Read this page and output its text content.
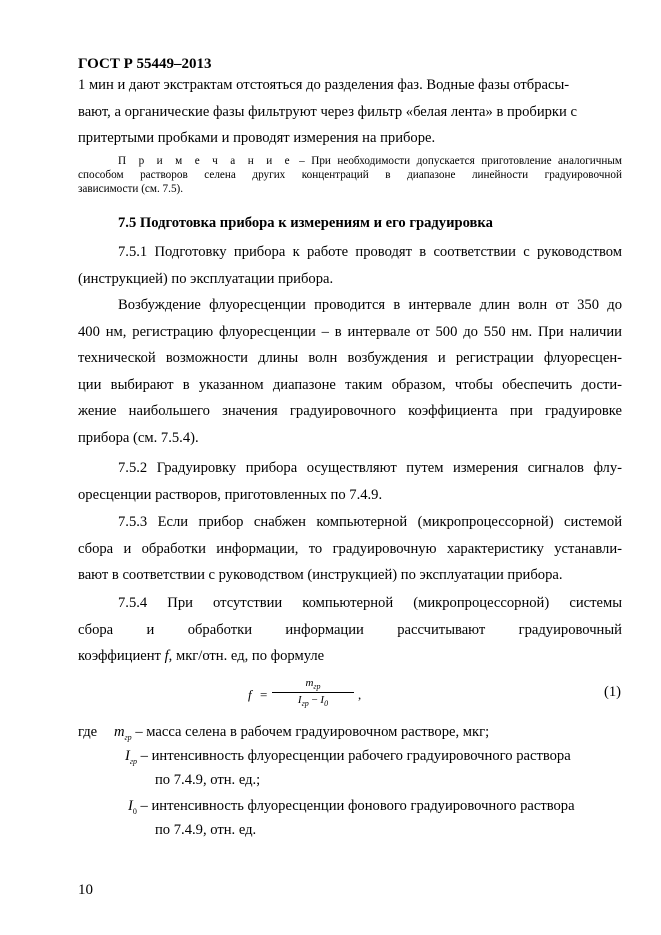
ГОСТ Р 55449–2013
1 мин и дают экстрактам отстояться до разделения фаз. Водные фазы отбрасы-
вают, а органические фазы фильтруют через фильтр «белая лента» в пробирки с
притертыми пробками и проводят измерения на приборе.
П р и м е ч а н и е – При необходимости допускается приготовление аналогичным
способом растворов селена других концентраций в диапазоне линейности градуировочной
зависимости (см. 7.5).
7.5 Подготовка прибора к измерениям и его градуировка
7.5.1 Подготовку прибора к работе проводят в соответствии с руководством
(инструкцией) по эксплуатации прибора.
Возбуждение флуоресценции проводится в интервале длин волн от 350 до
400 нм, регистрацию флуоресценции – в интервале от 500 до 550 нм. При наличии
технической возможности длины волн возбуждения и регистрации флуоресцен-
ции выбирают в указанном диапазоне таким образом, чтобы обеспечить дости-
жение наибольшего значения градуировочного коэффициента при градуировке
прибора (см. 7.5.4).
7.5.2 Градуировку прибора осуществляют путем измерения сигналов флу-
оресценции растворов, приготовленных по 7.4.9.
7.5.3 Если прибор снабжен компьютерной (микропроцессорной) системой
сбора и обработки информации, то градуировочную характеристику устанавли-
вают в соответствии с руководством (инструкцией) по эксплуатации прибора.
7.5.4 При отсутствии компьютерной (микропроцессорной) системы
сбора и обработки информации рассчитывают градуировочный
коэффициент f, мкг/отн. ед, по формуле
f =
$m_{гр}$
$I_{гр} - I_0$
,	(1)
где $m_{гр}$ – масса селена в рабочем градуировочном растворе, мкг;
$I_{гр}$ – интенсивность флуоресценции рабочего градуировочного раствора
по 7.4.9, отн. ед.;
$I_0$ – интенсивность флуоресценции фонового градуировочного раствора
по 7.4.9, отн. ед.
10
